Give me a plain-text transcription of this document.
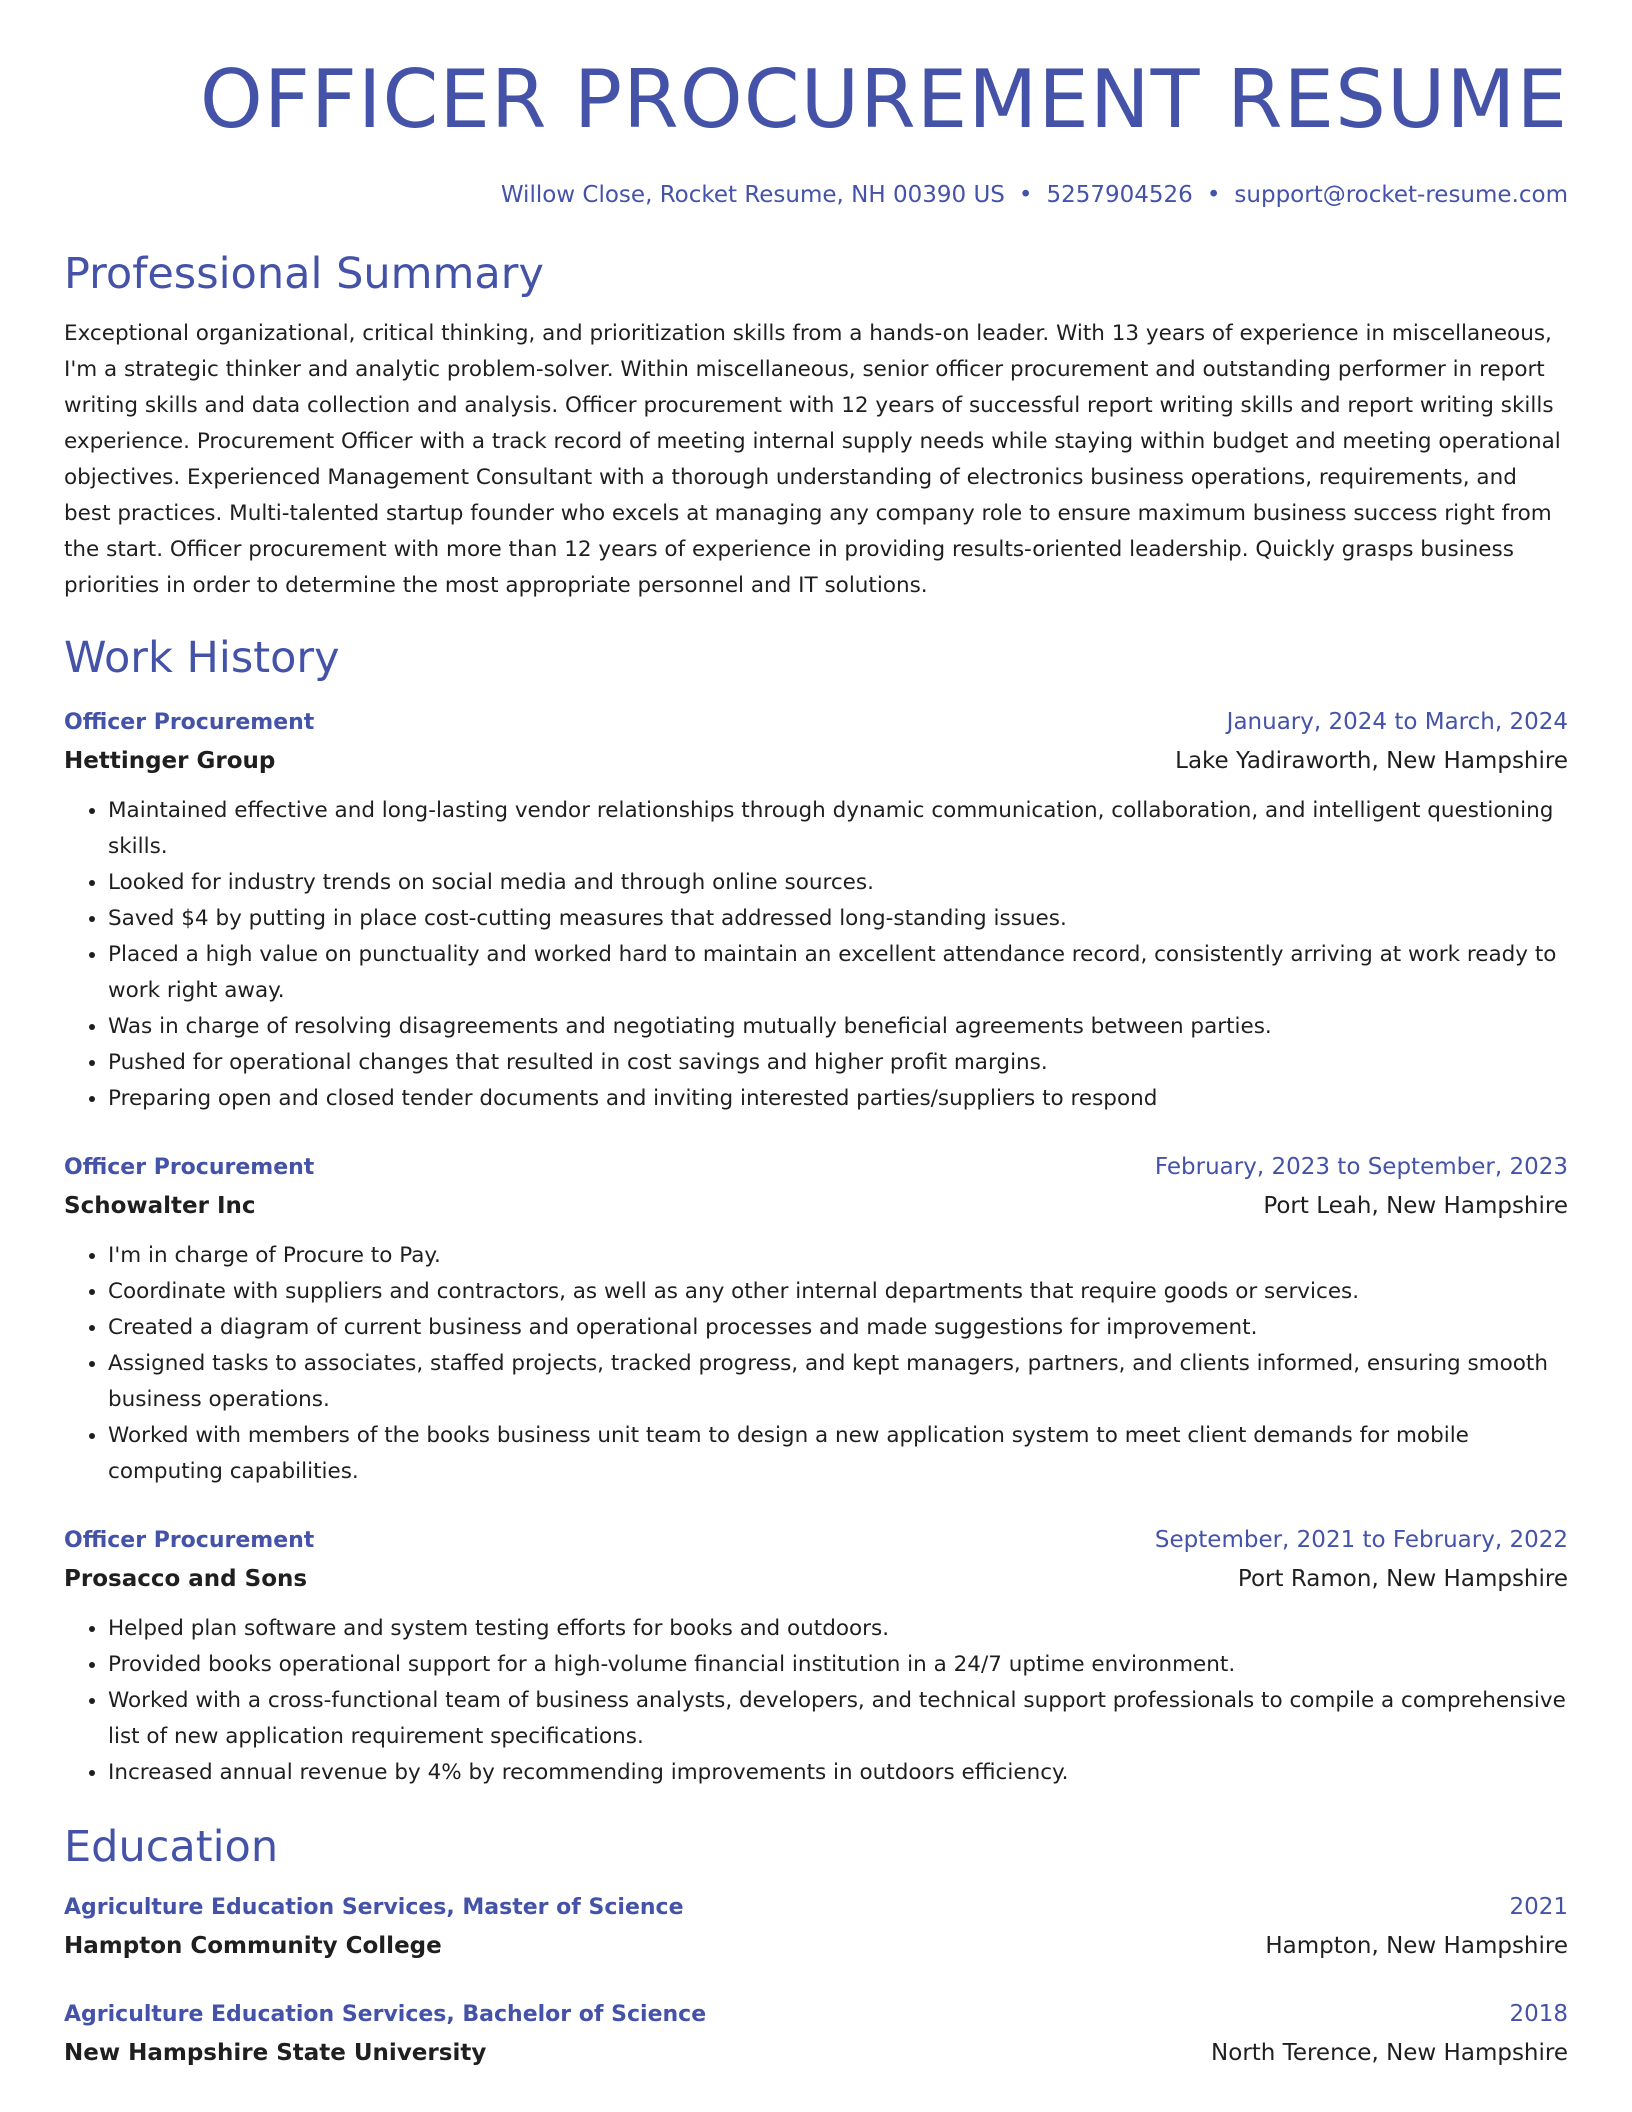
OFFICER PROCUREMENT RESUME
Willow Close, Rocket Resume, NH 00390 US • 5257904526 • support@rocket-resume.com
Professional Summary

Exceptional organizational, critical thinking, and prioritization skills from a hands-on leader. With 13 years of experience in miscellaneous, I'm a strategic thinker and analytic problem-solver. Within miscellaneous, senior officer procurement and outstanding performer in report writing skills and data collection and analysis. Officer procurement with 12 years of successful report writing skills and report writing skills experience. Procurement Officer with a track record of meeting internal supply needs while staying within budget and meeting operational objectives. Experienced Management Consultant with a thorough understanding of electronics business operations, requirements, and best practices. Multi-talented startup founder who excels at managing any company role to ensure maximum business success right from the start. Officer procurement with more than 12 years of experience in providing results-oriented leadership. Quickly grasps business priorities in order to determine the most appropriate personnel and IT solutions.

Work History
Officer Procurement	January, 2024 to March, 2024
Hettinger Group	Lake Yadiraworth, New Hampshire
• Maintained effective and long-lasting vendor relationships through dynamic communication, collaboration, and intelligent questioning skills.
• Looked for industry trends on social media and through online sources.
• Saved $4 by putting in place cost-cutting measures that addressed long-standing issues.
• Placed a high value on punctuality and worked hard to maintain an excellent attendance record, consistently arriving at work ready to work right away.
• Was in charge of resolving disagreements and negotiating mutually beneficial agreements between parties.
• Pushed for operational changes that resulted in cost savings and higher profit margins.
• Preparing open and closed tender documents and inviting interested parties/suppliers to respond
Officer Procurement	February, 2023 to September, 2023
Schowalter Inc	Port Leah, New Hampshire
• I'm in charge of Procure to Pay.
• Coordinate with suppliers and contractors, as well as any other internal departments that require goods or services.
• Created a diagram of current business and operational processes and made suggestions for improvement.
• Assigned tasks to associates, staffed projects, tracked progress, and kept managers, partners, and clients informed, ensuring smooth business operations.
• Worked with members of the books business unit team to design a new application system to meet client demands for mobile computing capabilities.
Officer Procurement	September, 2021 to February, 2022
Prosacco and Sons	Port Ramon, New Hampshire
• Helped plan software and system testing efforts for books and outdoors.
• Provided books operational support for a high-volume financial institution in a 24/7 uptime environment.
• Worked with a cross-functional team of business analysts, developers, and technical support professionals to compile a comprehensive list of new application requirement specifications.
• Increased annual revenue by 4% by recommending improvements in outdoors efficiency.
Education
Agriculture Education Services, Master of Science	2021
Hampton Community College	Hampton, New Hampshire
Agriculture Education Services, Bachelor of Science	2018
New Hampshire State University	North Terence, New Hampshire
